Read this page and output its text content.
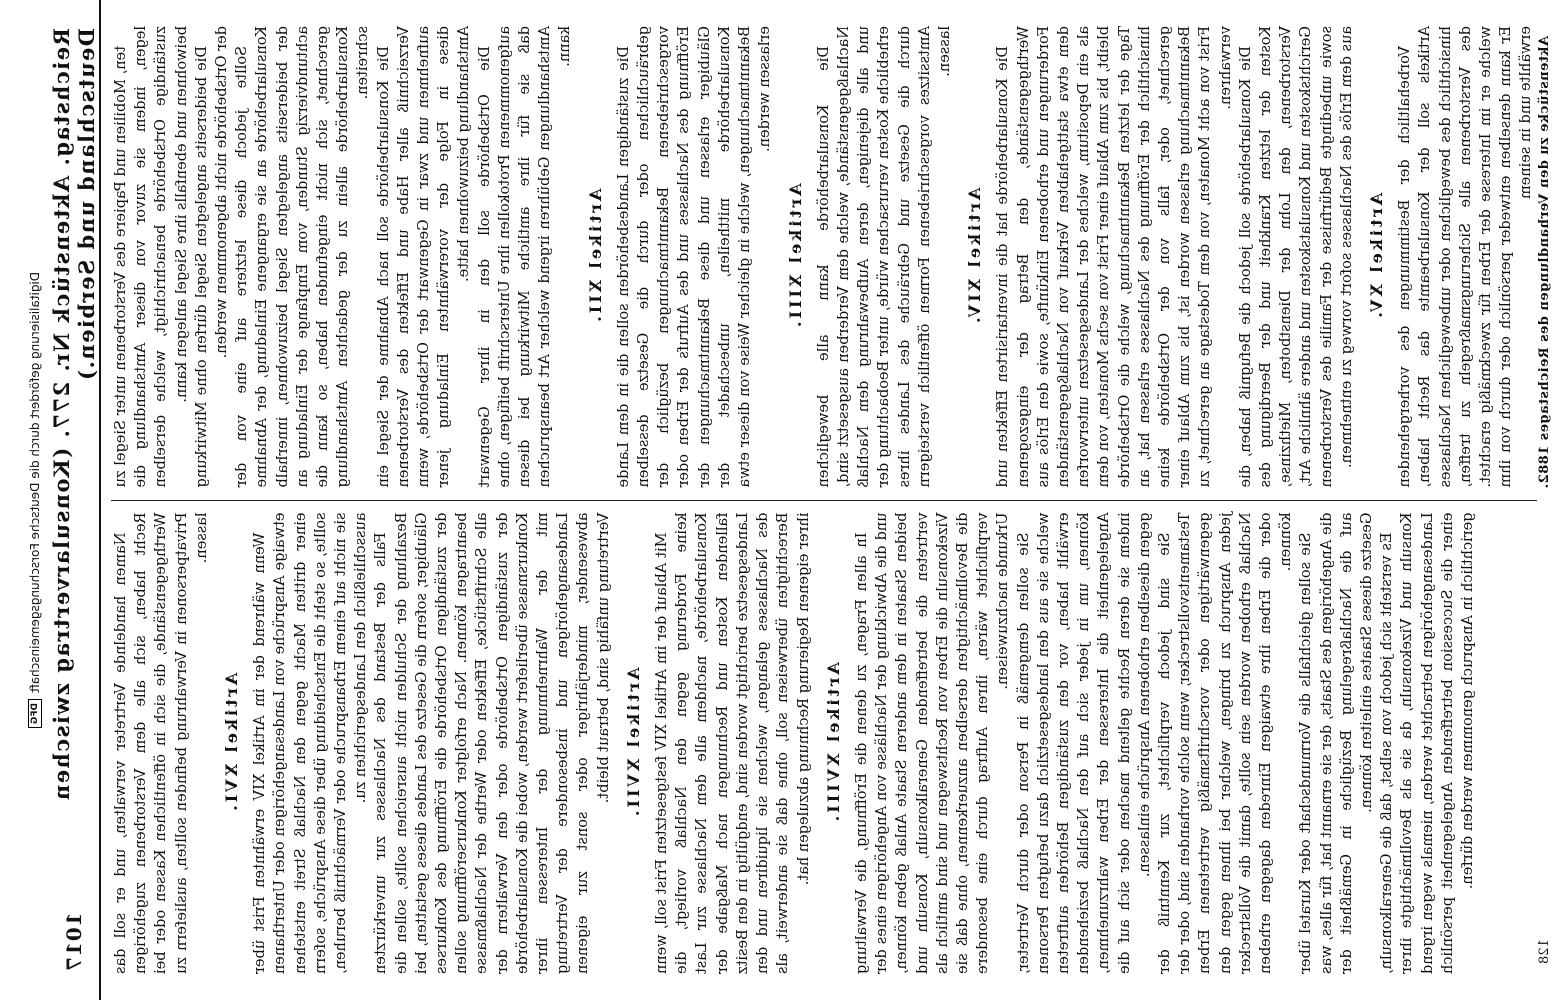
Digitalisierung gefördert durch die Deutsche Forschungsgemeinschaft
DFG Reichstag. Aktenstück Nr. 277. (Konsularvertrag zwischen Deutschland und Serbien.)
1017

ten, Mobilien und Papiere des Verstorbenen unter Siegel zu legen, indem sie zuvor von dieser Amtshandlung die zuständige Ortsbehörde benachrichtigt, welche derselben beiwohnen und ebenfalls ihre Siegel anlegen kann. Die beiderseits angelegten Siegel dürfen ohne Mitwirkung der Ortsbehörde nicht abgenommen werden. Sollte jedoch diese letztere auf eine von der Konsularbehörde an sie ergangene Einladung, der Abnahme der beiderseits angelegten Siegel beizuwohnen, innerhalb achtundvierzig Stunden, vom Empfange der Einladung an gerechnet, sich nicht eingefunden haben, so kann die Konsularbehörde allein zu der gedachten Amtshandlung schreiten. Die Konsularbehörde soll nach Abnahme der Siegel ein Verzeichniß aller Habe und Effekten des Verstorbenen aufnehmen und zwar in Gegenwart der Ortsbehörde, wenn diese in Folge der vorerwähnten Einladung jener Amtshandlung beizuwohnen hatte. Die Ortsbehörde soll den in ihrer Gegenwart aufgenommenen Protokollen ihre Unterschrift beifügen, ohne daß sie für ihre amtliche Mitwirkung bei diesen Amtshandlungen Gebühren irgend welcher Art beanspruchen kann.

Artikel XII. Die zuständigen Landesbehörden sollen die in dem Lande gebräuchlichen oder durch die Gesetze desselben vorgeschriebenen Bekanntmachungen bezüglich der Eröffnung des Nachlasses und des Aufrufs der Erben oder Gläubiger erlassen und diese Bekanntmachungen der Konsularbehörde mittheilen, unbeschadet der Bekanntmachungen, welche in gleicher Weise von dieser etwa erlassen werden.

Artikel XIII. Die Konsularbehörde kann alle beweglichen Nachlaßgegenstände, welche dem Verderben ausgesetzt sind, und alle diejenigen, deren Aufbewahrung dem Nachlaß erhebliche Kosten verursachen würde, unter Beobachtung der durch die Gesetze und Gebräuche des Landes ihres Amtssitzes vorgeschriebenen Formen öffentlich versteigern lassen.

Artikel XIV. Die Konsularbehörde hat die inventarisirten Effekten und Werthgegenstände, den Betrag der eingezogenen Forderungen und erhobenen Einkünfte, sowie den Erlös aus dem etwa stattgehabten Verkauf von Nachlaßgegenständen als ein Depositum, welches der Landesgesetzen unterworfen bleibt, bis zum Ablauf einer Frist von sechs Monaten, von dem Tage der letzten Bekanntmachung, welche die Ortsbehörde hinsichtlich der Eröffnung des Nachlasses erlassen hat, an gerechnet, oder, falls von der Ortsbehörde keine Bekanntmachung erlassen worden ist, bis zum Ablauf einer Frist von acht Monaten, von dem Todestage an gerechnet, zu verwahren. Die Konsularbehörde soll jedoch die Befugniß haben, die Kosten der letzten Krankheit und der Beerdigung des Verstorbenen, den Lohn der Dienstboten, Miethzinse, Gerichtskosten und Konsulatskosten und andere ähnliche Art, sowie unbedingte Bedürfnisse der Familie des Verstorbenen aus dem Erlös des Nachlasses sofort vorweg zu entnehmen. Artikel XV. Vorbehaltlich der Bestimmungen des vorhergehenden Artikels soll der Konsularbeamte das Recht haben, hinsichtlich des beweglichen oder unbeweglichen Nachlasses des Verstorbenen alle Sicherungsmaßregeln zu treffen, welche er im Interesse der Erben für zweckmäßig erachtet. Er kann denselben entweder persönlich oder durch von ihm erwählte und in seinem

Namen handelnde Vertreter verwalten, und er soll das Recht haben, sich alle dem Verstorbenen zugehörigen Werthgegenstände, die sich in öffentlichen Kassen oder bei Privatpersonen in Verwahrung befinden sollten, ausliefern zu lassen.

Artikel XVI. Wenn während der im Artikel XIV erwähnten Frist über etwaige Ansprüche von Landesangehörigen oder Unterthanen einer dritten Macht gegen den Nachlaß Streit entstehen sollte, so steht die Entscheidung über diese Ansprüche, sofern sie nicht auf einem Erbanspruche oder Vermächtniß beruhen, ausschließlich den Landesgerichten zu. Falls der Bestand des Nachlasses zur unverkürzten Bezahlung der Schulden nicht ausreichen sollte, sollen die Gläubiger, sofern die Gesetze des Landes dieses gestatten, bei der zuständigen Ortsbehörde die Eröffnung des Konkurses beantragen können. Nach erfolgter Konkurseröffnung sollen alle Schriftstücke, Effekten oder Werthe der Nachlaßmasse der zuständigen Ortsbehörde oder den Verwaltern der Konkursmasse überliefert werden, wobei die Konsularbehörde mit der Wahrnehmung der Interessen ihrer Landesangehörigen und insbesondere der Vertretung abwesender, minderjähriger oder sonst zur eigenen Vertretung unfähig sind, betraut bleibt. Artikel XVII. Mit Ablauf der im Artikel XIV festgesetzten Frist soll, wenn keine Forderung gegen den Nachlaß vorliegt, die Konsularbehörde, nachdem alle dem Nachlasse zur Last fallenden Kosten und Rechnungen nach Maßgabe der Landesgesetze berichtigt worden sind, endgültig in den Besitz des Nachlasses gelangen, welchen sie liquidiren und den Berechtigten überweisen soll, ohne daß sie anderweit, als ihrer eigenen Regierung Rechnung abzulegen hat. Artikel XVIII. In allen Fragen, zu denen die Eröffnung, die Verwaltung und die Abwicklung der Nachlässe von Angehörigen eines der beiden Staaten in dem anderen Staate Anlaß geben können, vertreten die betreffenden Generalkonsuln, Konsuln und Vizekonsuln die Erben von Rechtswegen und sind amtlich als die Bevollmächtigten derselben anzuerkennen, ohne daß sie verpflichtet wären, ihren Auftrag durch eine besondere Urkunde nachzuweisen. Sie sollen demgemäß in Person oder durch Vertreter, welche sie aus den landesgesetzlich dazu befugten Personen erwählt haben, vor den zuständigen Behörden auftreten können, um in jeder sich auf den Nachlaß beziehenden Angelegenheit die Interessen der Erben wahrzunehmen, indem sie deren Rechte geltend machen oder sich auf die gegen dieselben erhobenen Ansprüche einlassen. Sie sind jedoch verpflichtet, zur Kenntniß der Testamentsvollstrecker, wenn solche vorhanden sind, oder der gegenwärtigen oder vorschriftsmäßig vertretenen Erben jeden Anspruch zu bringen, welcher bei ihnen gegen den Nachlaß erhoben worden sein sollte, damit die Vollstrecker oder die Erben ihre etwaigen Einreden dagegen erheben können. Sie sollen gleichfalls die Vormundschaft oder Kuratel über die Angehörigen des Staats, der sie ernannt hat, für alles, was auf die Nachlaßregelung Bezügliche in Gemäßheit der Gesetze dieses Staates einleiten können. Es versteht sich jedoch von selbst, daß die Generalkonsuln, Konsuln und Vizekonsuln, da sie als Bevollmächtigte ihrer Landesangehörigen betrachtet werden, niemals wegen irgend einer die Succession betreffenden Angelegenheit persönlich gerichtlich in Anspruch genommen werden dürfen.

Aktenstücke zu den Verhandlungen des Reichstages 1882.
128
